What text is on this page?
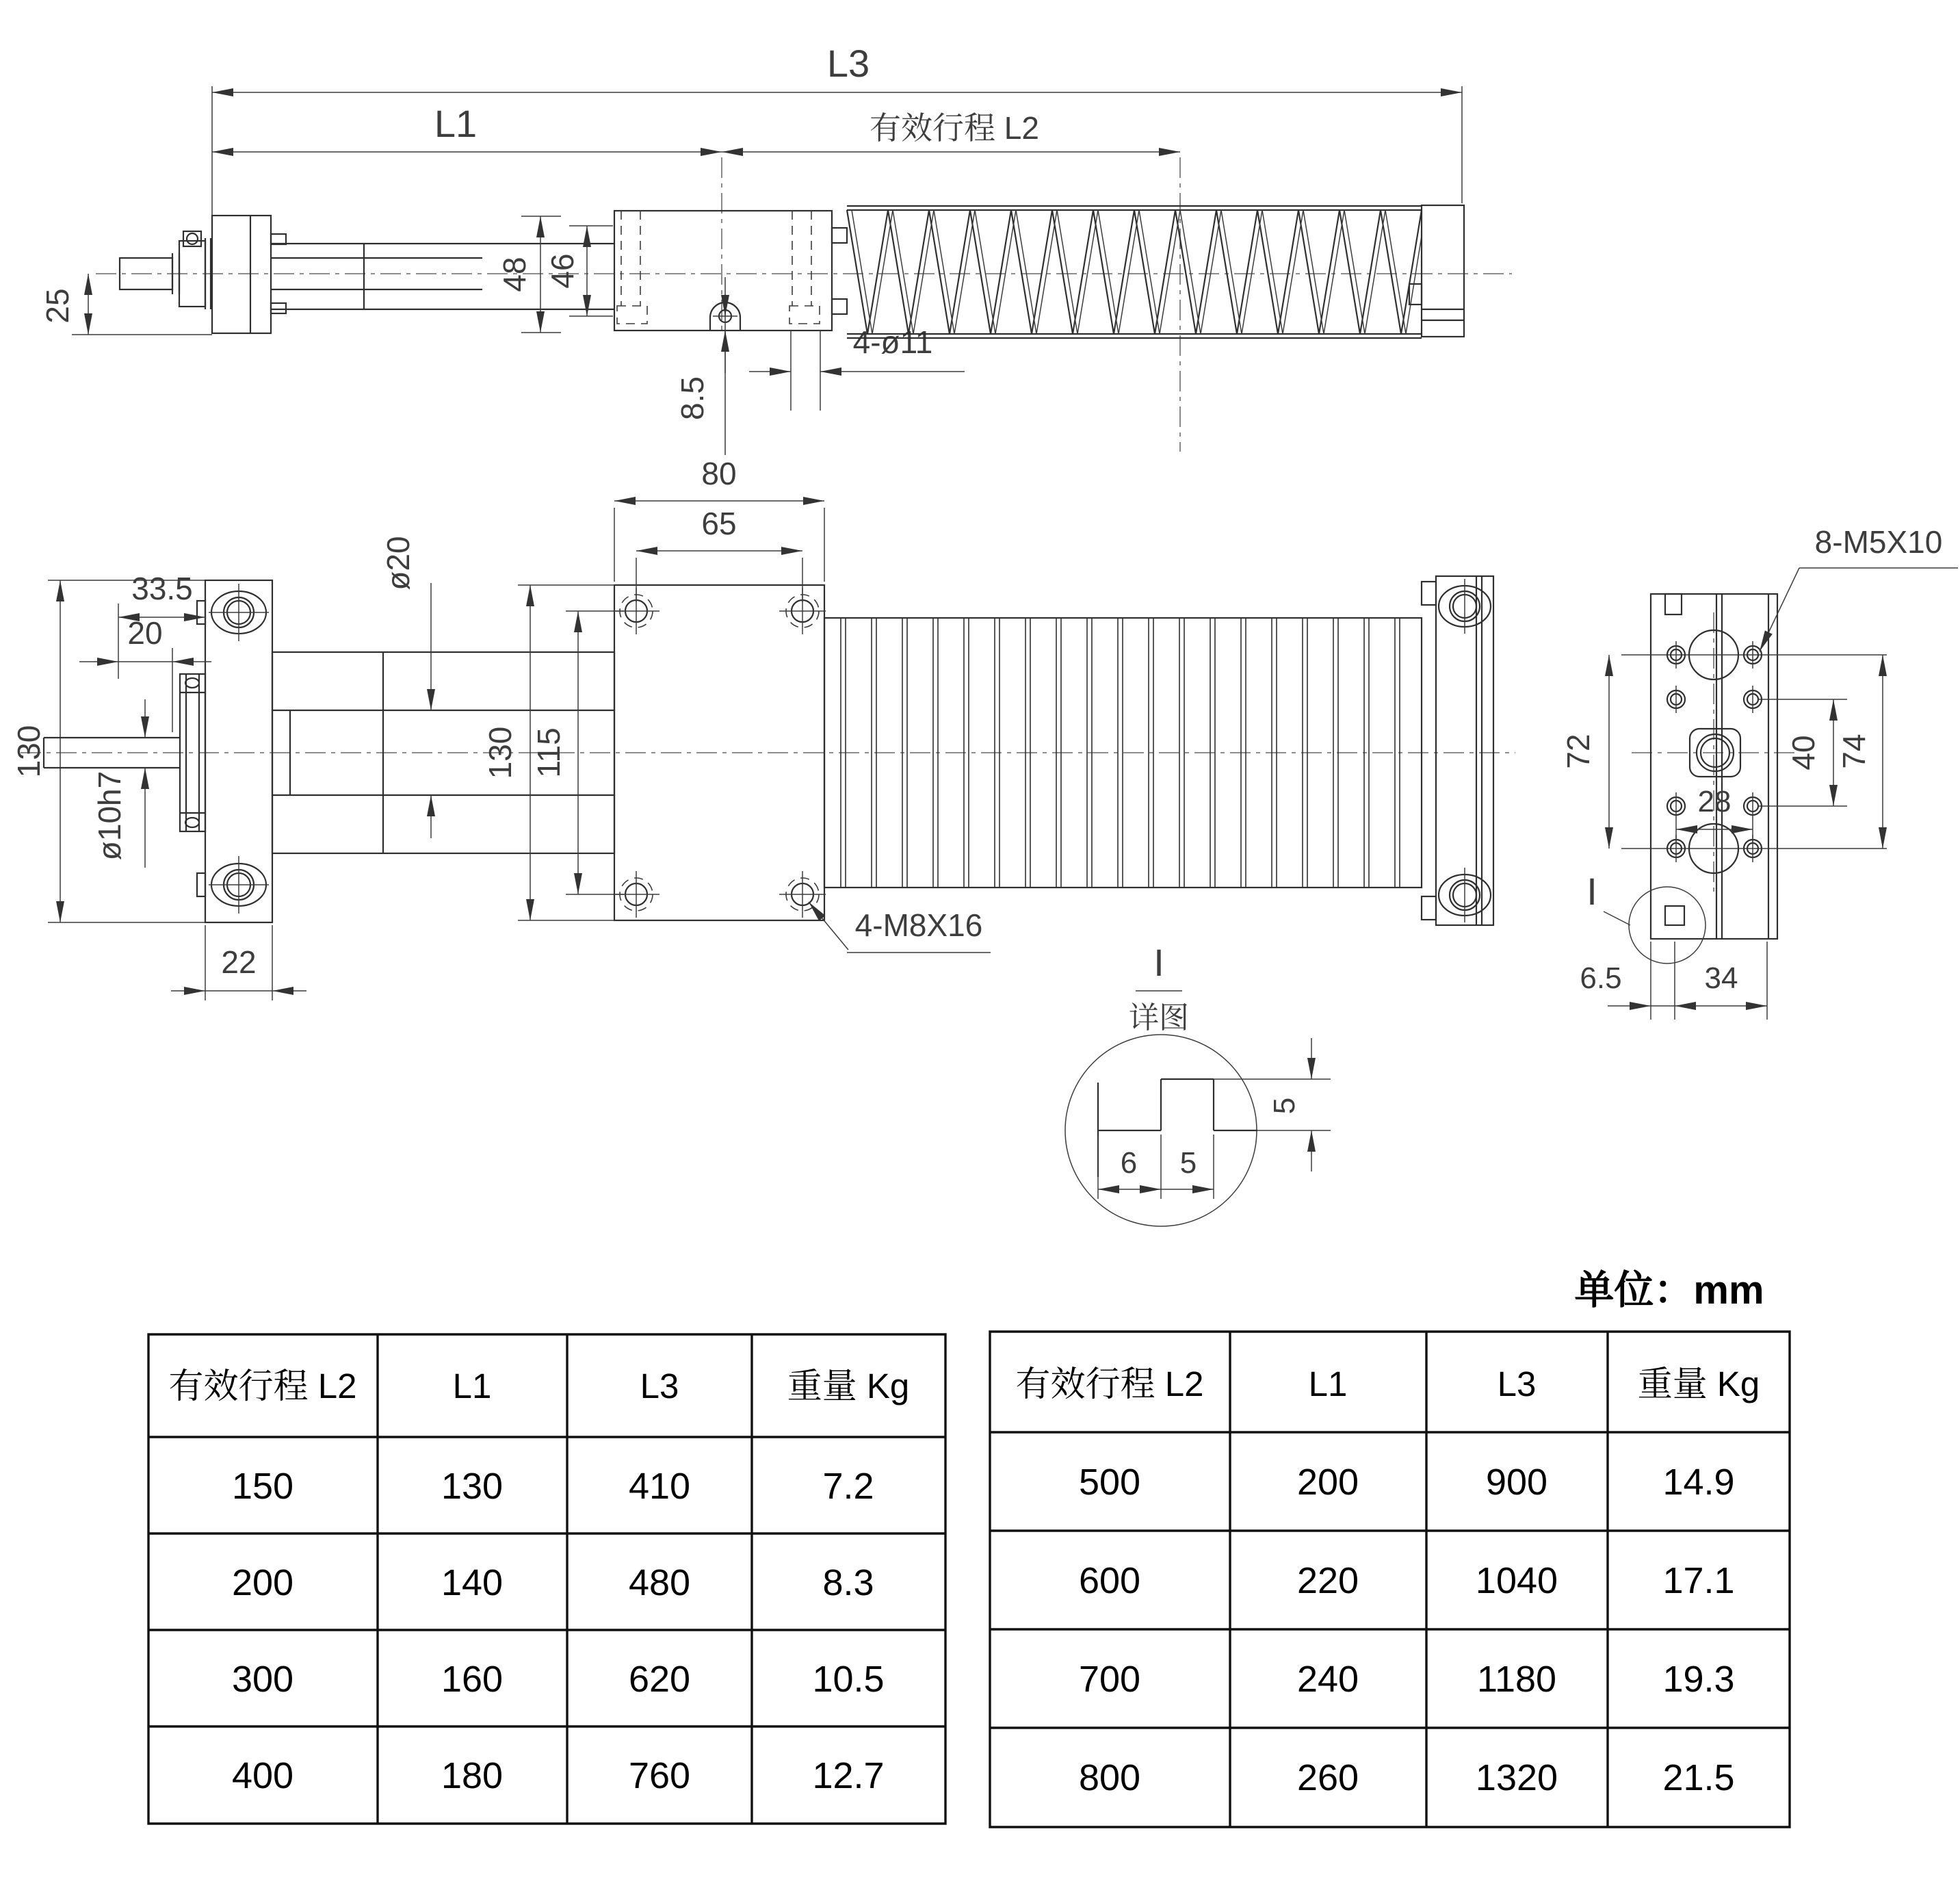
L3
L1	有效行程 L2
25
48 46
8.5
4-ø11
130
33.5
20
ø10h7
22
ø20
80
65
130 115
4-M8X16
8-M5X10
72	40 74
28
6.5	34
I
I
详图
5
6 5
单位：mm
有效行程 L2	L1	L3	重量 Kg
150	130	410	7.2
200	140	480	8.3
300	160	620	10.5
400	180	760	12.7
有效行程 L2	L1	L3	重量 Kg
500	200	900	14.9
600	220	1040	17.1
700	240	1180	19.3
800	260	1320	21.5
